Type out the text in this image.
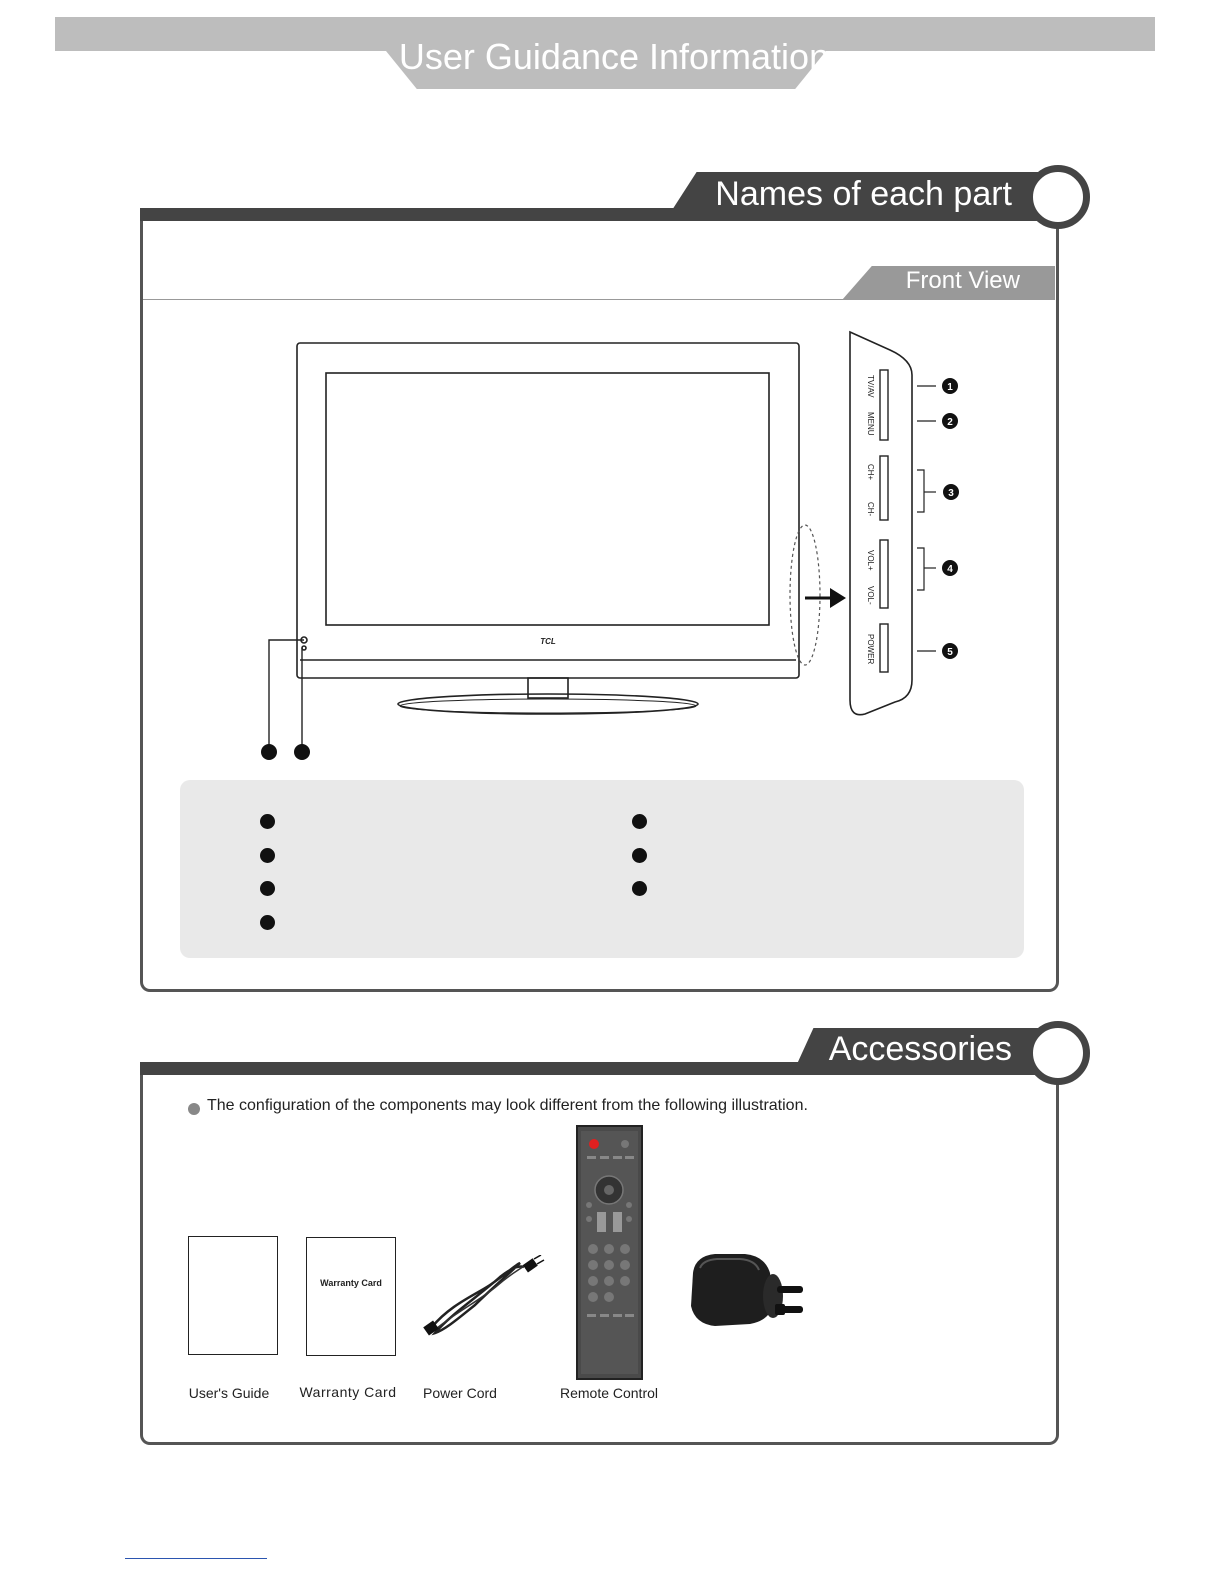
User Guidance Information
Names of each part
Front View
TCL
TV/AV
MENU
CH+
CH-
VOL+
VOL-
POWER
1
2
3
4
5
Accessories
The configuration of the components may look different from the following illustration.
Warranty Card
User's Guide	Warranty Card	Power Cord	Remote Control
